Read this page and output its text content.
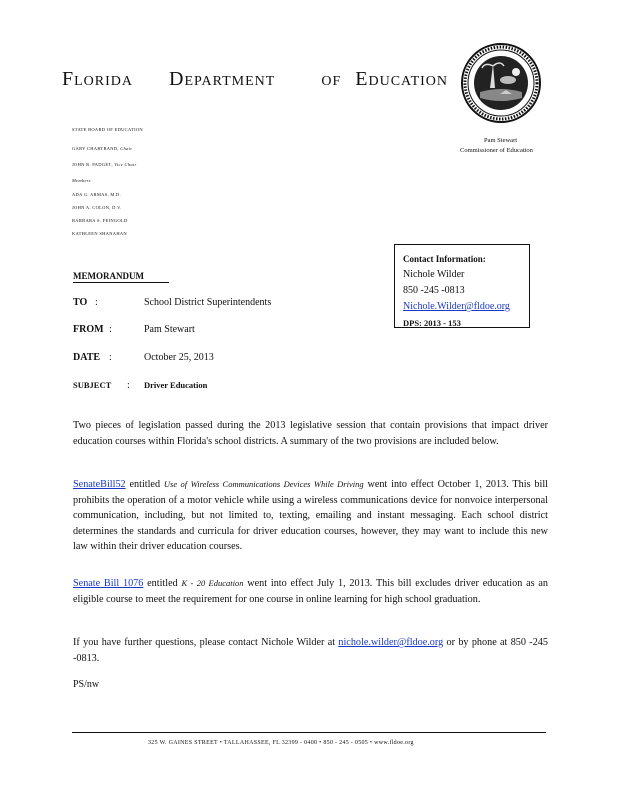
FLORIDA DEPARTMENT	OF EDUCATION
STATE BOARD OF EDUCATION
GARY CHARTRAND, Chair
JOHN R. PADGET, Vice Chair
Members
ADA G. ARMAS, M.D.
JOHN A. COLON, D.V.
BARBARA S. FEINGOLD
KATHLEEN SHANAHAN
Pam Stewart
Commissioner of Education
Contact Information:
Nichole Wilder
850 -245 -0813
Nichole.Wilder@fldoe.org
DPS: 2013 - 153
MEMORANDUM
TO :	School District Superintendents
FROM :	Pam Stewart
DATE :	October 25, 2013
SUBJECT : Driver Education
Two pieces of legislation passed during the 2013 legislative session that contain provisions that impact driver education courses within Florida's school districts. A summary of the two provisions are included below.
SenateBill52 entitled Use of Wireless Communications Devices While Driving went into effect October 1, 2013. This bill prohibits the operation of a motor vehicle while using a wireless communications device for nonvoice interpersonal communication, including, but not limited to, texting, emailing and instant messaging. Each school district determines the standards and curricula for driver education courses, however, they may want to include this new law within their driver education courses.
Senate Bill 1076 entitled K - 20 Education went into effect July 1, 2013. This bill excludes driver education as an eligible course to meet the requirement for one course in online learning for high school graduation.
If you have further questions, please contact Nichole Wilder at nichole.wilder@fldoe.org or by phone at 850 -245 -0813.
PS/nw
325 W. GAINES STREET • TALLAHASSEE, FL 32399 - 0400 • 850 - 245 - 0505 • www.fldoe.org
